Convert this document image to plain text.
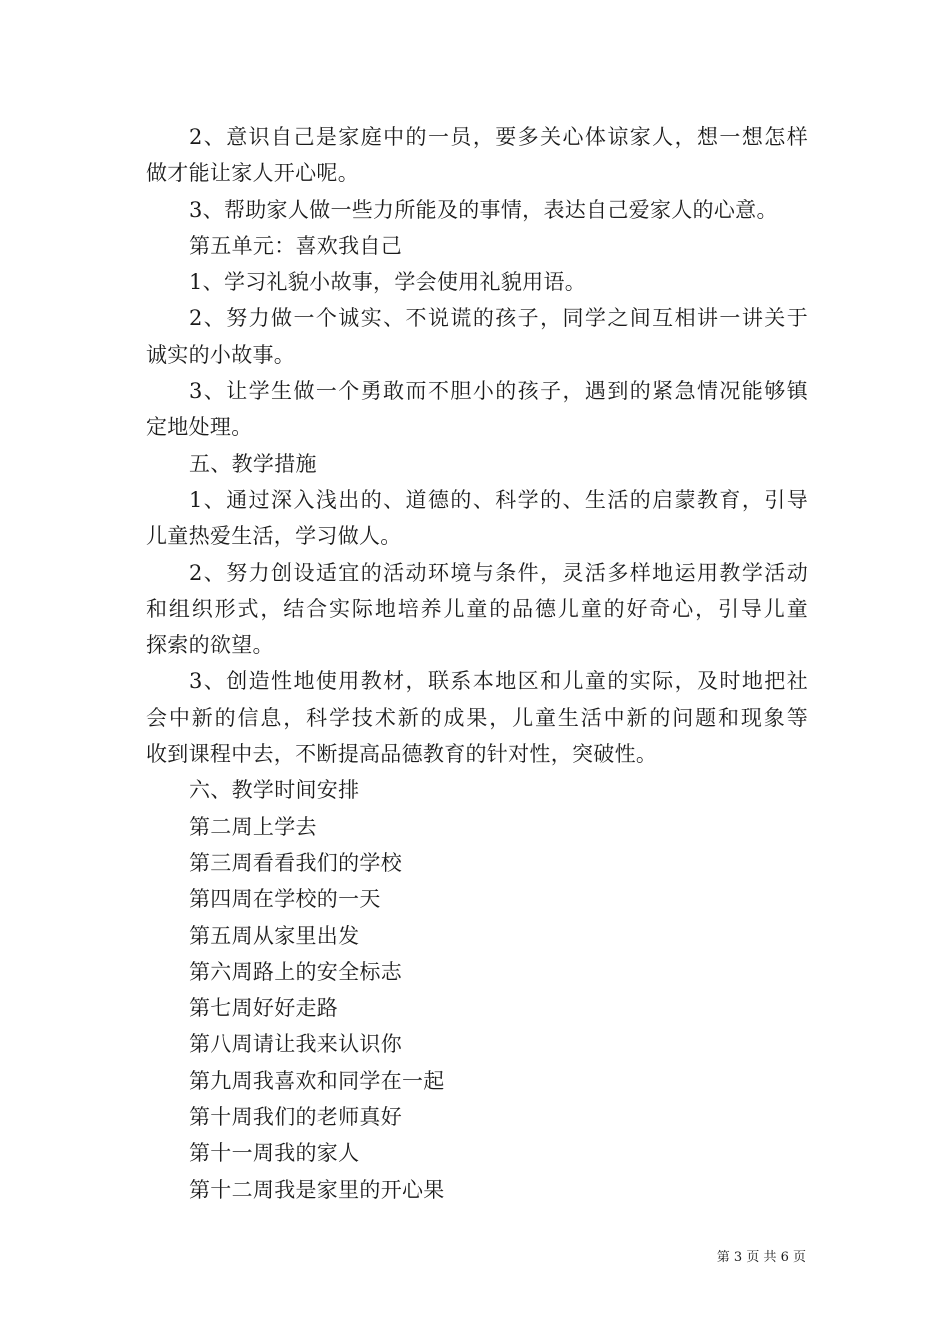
2、意识自己是家庭中的一员，要多关心体谅家人，想一想怎样
做才能让家人开心呢。
3、帮助家人做一些力所能及的事情，表达自己爱家人的心意。
第五单元：喜欢我自己
1、学习礼貌小故事，学会使用礼貌用语。
2、努力做一个诚实、不说谎的孩子，同学之间互相讲一讲关于
诚实的小故事。
3、让学生做一个勇敢而不胆小的孩子，遇到的紧急情况能够镇
定地处理。
五、教学措施
1、通过深入浅出的、道德的、科学的、生活的启蒙教育，引导
儿童热爱生活，学习做人。
2、努力创设适宜的活动环境与条件，灵活多样地运用教学活动
和组织形式，结合实际地培养儿童的品德儿童的好奇心，引导儿童
探索的欲望。
3、创造性地使用教材，联系本地区和儿童的实际，及时地把社
会中新的信息，科学技术新的成果，儿童生活中新的问题和现象等
收到课程中去，不断提高品德教育的针对性，突破性。
六、教学时间安排
第二周上学去
第三周看看我们的学校
第四周在学校的一天
第五周从家里出发
第六周路上的安全标志
第七周好好走路
第八周请让我来认识你
第九周我喜欢和同学在一起
第十周我们的老师真好
第十一周我的家人
第十二周我是家里的开心果
第 3 页 共 6 页
